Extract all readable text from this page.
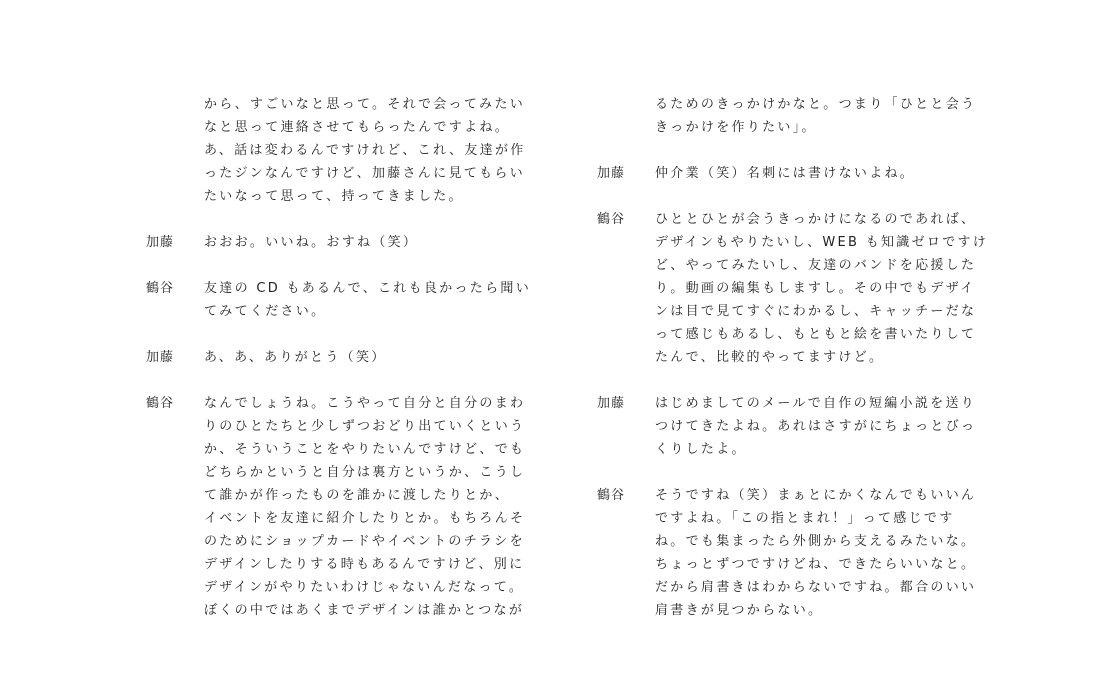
から、すごいなと思って。それで会ってみたい
なと思って連絡させてもらったんですよね。
あ、話は変わるんですけれど、これ、友達が作
ったジンなんですけど、加藤さんに見てもらい
たいなって思って、持ってきました。
加藤 おおお。いいね。おすね（笑）
鶴谷 友達の CD もあるんで、これも良かったら聞い
てみてください。
加藤 あ、あ、ありがとう（笑）
鶴谷 なんでしょうね。こうやって自分と自分のまわ
りのひとたちと少しずつおどり出ていくという
か、そういうことをやりたいんですけど、でも
どちらかというと自分は裏方というか、こうし
て誰かが作ったものを誰かに渡したりとか、
イベントを友達に紹介したりとか。もちろんそ
のためにショップカードやイベントのチラシを
デザインしたりする時もあるんですけど、別に
デザインがやりたいわけじゃないんだなって。
ぼくの中ではあくまでデザインは誰かとつなが
るためのきっかけかなと。つまり「ひとと会う
きっかけを作りたい」。
加藤 仲介業（笑）名刺には書けないよね。
鶴谷 ひととひとが会うきっかけになるのであれば、
デザインもやりたいし、WEB も知識ゼロですけ
ど、やってみたいし、友達のバンドを応援した
り。動画の編集もしますし。その中でもデザイ
ンは目で見てすぐにわかるし、キャッチーだな
って感じもあるし、もともと絵を書いたりして
たんで、比較的やってますけど。
加藤 はじめましてのメールで自作の短編小説を送り
つけてきたよね。あれはさすがにちょっとびっ
くりしたよ。
鶴谷 そうですね（笑）まぁとにかくなんでもいいん
ですよね。「この指とまれ！」って感じです
ね。でも集まったら外側から支えるみたいな。
ちょっとずつですけどね、できたらいいなと。
だから肩書きはわからないですね。都合のいい
肩書きが見つからない。
